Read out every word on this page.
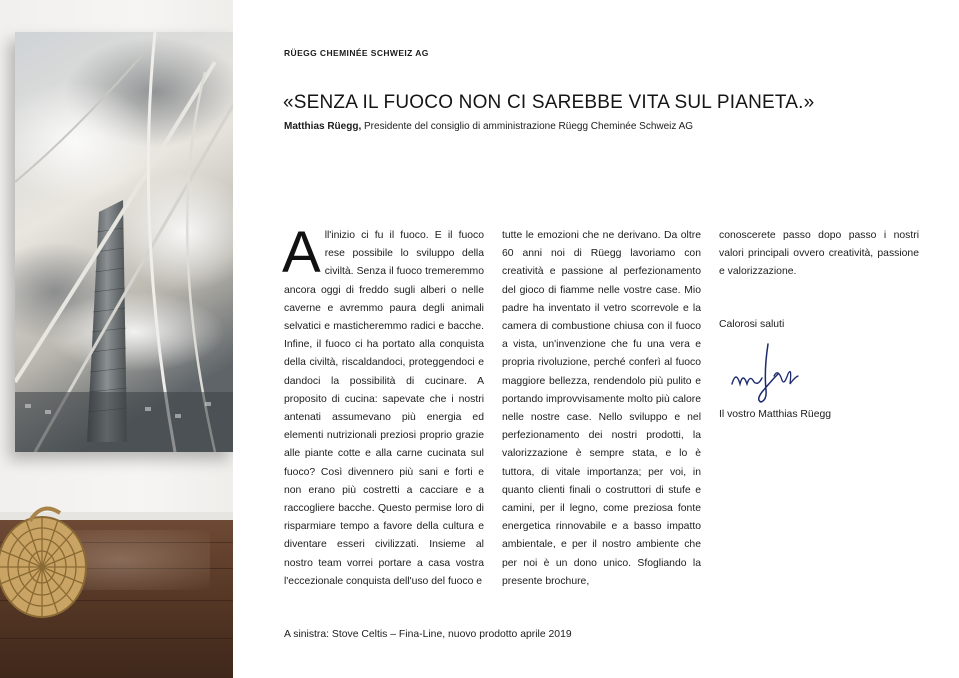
RÜEGG CHEMINÉE SCHWEIZ AG
«SENZA IL FUOCO NON CI SAREBBE VITA SUL PIANETA.»
Matthias Rüegg, Presidente del consiglio di amministrazione Rüegg Cheminée Schweiz AG
A ll'inizio ci fu il fuoco. E il fuoco rese possibile lo sviluppo della civiltà. Senza il fuoco tremeremmo ancora oggi di freddo sugli alberi o nelle caverne e avremmo paura degli animali selvatici e masticheremmo radici e bacche. Infine, il fuoco ci ha portato alla conquista della civiltà, riscaldandoci, proteggendoci e dandoci la possibilità di cucinare. A proposito di cucina: sapevate che i nostri antenati assumevano più energia ed elementi nutrizionali preziosi proprio grazie alle piante cotte e alla carne cucinata sul fuoco? Così divennero più sani e forti e non erano più costretti a cacciare e a raccogliere bacche. Questo permise loro di risparmiare tempo a favore della cultura e diventare esseri civilizzati. Insieme al nostro team vorrei portare a casa vostra l'eccezionale conquista dell'uso del fuoco e

tutte le emozioni che ne derivano. Da oltre 60 anni noi di Rüegg lavoriamo con creatività e passione al perfezionamento del gioco di fiamme nelle vostre case. Mio padre ha inventato il vetro scorrevole e la camera di combustione chiusa con il fuoco a vista, un'invenzione che fu una vera e propria rivoluzione, perché conferì al fuoco maggiore bellezza, rendendolo più pulito e portando improvvisamente molto più calore nelle nostre case. Nello sviluppo e nel perfezionamento dei nostri prodotti, la valorizzazione è sempre stata, e lo è tuttora, di vitale importanza; per voi, in quanto clienti finali o costruttori di stufe e camini, per il legno, come preziosa fonte energetica rinnovabile e a basso impatto ambientale, e per il nostro ambiente che per noi è un dono unico. Sfogliando la presente brochure,

conoscerete passo dopo passo i nostri valori principali ovvero creatività, passione e valorizzazione.

Calorosi saluti
Il vostro Matthias Rüegg
A sinistra: Stove Celtis – Fina-Line, nuovo prodotto aprile 2019
